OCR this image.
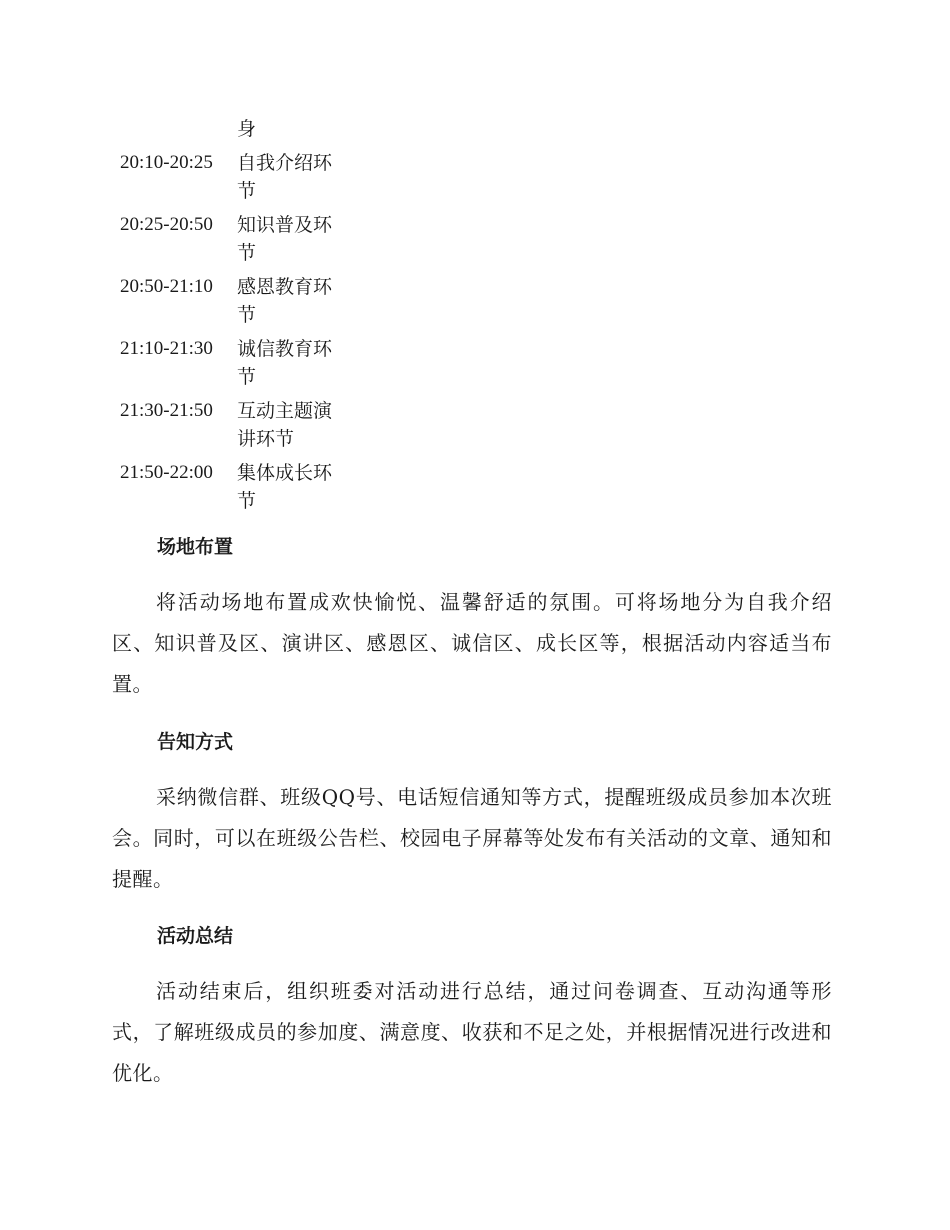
身
20:10-20:25	自我介绍环节
20:25-20:50	知识普及环节
20:50-21:10	感恩教育环节
21:10-21:30	诚信教育环节
21:30-21:50	互动主题演讲环节
21:50-22:00	集体成长环节
场地布置
将活动场地布置成欢快愉悦、温馨舒适的氛围。可将场地分为自我介绍区、知识普及区、演讲区、感恩区、诚信区、成长区等，根据活动内容适当布置。
告知方式
采纳微信群、班级QQ号、电话短信通知等方式，提醒班级成员参加本次班会。同时，可以在班级公告栏、校园电子屏幕等处发布有关活动的文章、通知和提醒。
活动总结
活动结束后，组织班委对活动进行总结，通过问卷调查、互动沟通等形式，了解班级成员的参加度、满意度、收获和不足之处，并根据情况进行改进和优化。
